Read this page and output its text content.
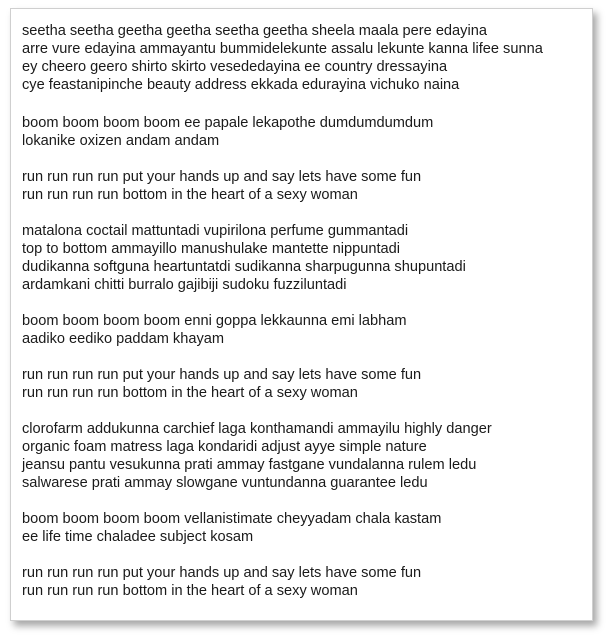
seetha seetha geetha geetha seetha geetha sheela maala pere edayina
arre vure edayina ammayantu bummidelekunte assalu lekunte kanna lifee sunna
ey cheero geero shirto skirto vesededayina ee country dressayina
cye feastanipinche beauty address ekkada edurayina vichuko naina
boom boom boom boom ee papale lekapothe dumdumdumdum
lokanike oxizen andam andam
run run run run put your hands up and say lets have some fun
run run run run bottom in the heart of a sexy woman
matalona coctail mattuntadi vupirilona perfume gummantadi
top to bottom ammayillo manushulake mantette nippuntadi
dudikanna softguna heartuntatdi sudikanna sharpugunna shupuntadi
ardamkani chitti burralo gajibiji sudoku fuzziluntadi
boom boom boom boom enni goppa lekkaunna emi labham
aadiko eediko paddam khayam
run run run run put your hands up and say lets have some fun
run run run run bottom in the heart of a sexy woman
clorofarm addukunna carchief laga konthamandi ammayilu highly danger
organic foam matress laga kondaridi adjust ayye simple nature
jeansu pantu vesukunna prati ammay fastgane vundalanna rulem ledu
salwarese prati ammay slowgane vuntundanna guarantee ledu
boom boom boom boom vellanistimate cheyyadam chala kastam
ee life time chaladee subject kosam
run run run run put your hands up and say lets have some fun
run run run run bottom in the heart of a sexy woman
